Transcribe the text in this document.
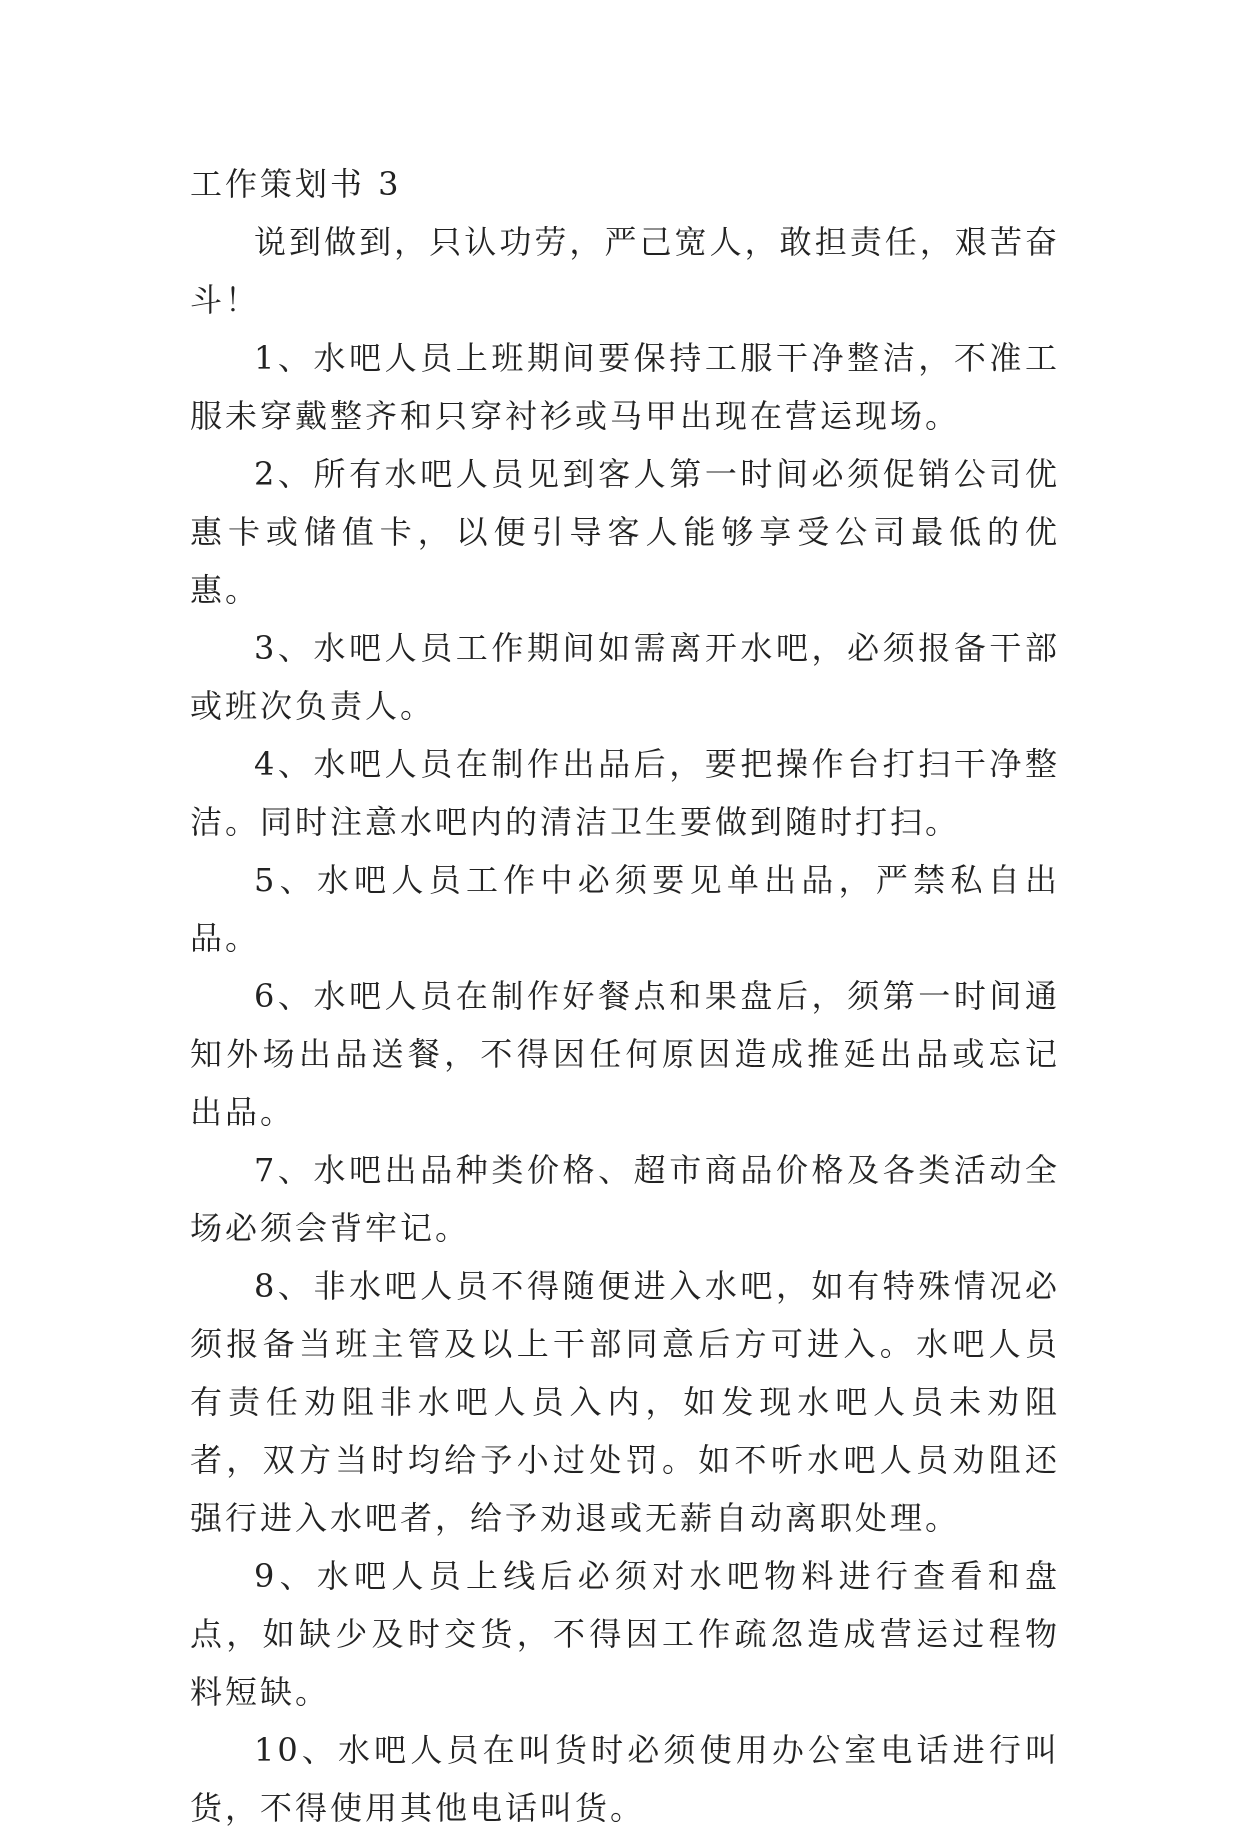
工作策划书 3

说到做到，只认功劳，严己宽人，敢担责任，艰苦奋斗！

1、水吧人员上班期间要保持工服干净整洁，不准工服未穿戴整齐和只穿衬衫或马甲出现在营运现场。

2、所有水吧人员见到客人第一时间必须促销公司优惠卡或储值卡，以便引导客人能够享受公司最低的优惠。

3、水吧人员工作期间如需离开水吧，必须报备干部或班次负责人。

4、水吧人员在制作出品后，要把操作台打扫干净整洁。同时注意水吧内的清洁卫生要做到随时打扫。

5、水吧人员工作中必须要见单出品，严禁私自出品。

6、水吧人员在制作好餐点和果盘后，须第一时间通知外场出品送餐，不得因任何原因造成推延出品或忘记出品。

7、水吧出品种类价格、超市商品价格及各类活动全场必须会背牢记。

8、非水吧人员不得随便进入水吧，如有特殊情况必须报备当班主管及以上干部同意后方可进入。水吧人员有责任劝阻非水吧人员入内，如发现水吧人员未劝阻者，双方当时均给予小过处罚。如不听水吧人员劝阻还强行进入水吧者，给予劝退或无薪自动离职处理。

9、水吧人员上线后必须对水吧物料进行查看和盘点，如缺少及时交货，不得因工作疏忽造成营运过程物料短缺。

10、水吧人员在叫货时必须使用办公室电话进行叫货，不得使用其他电话叫货。
